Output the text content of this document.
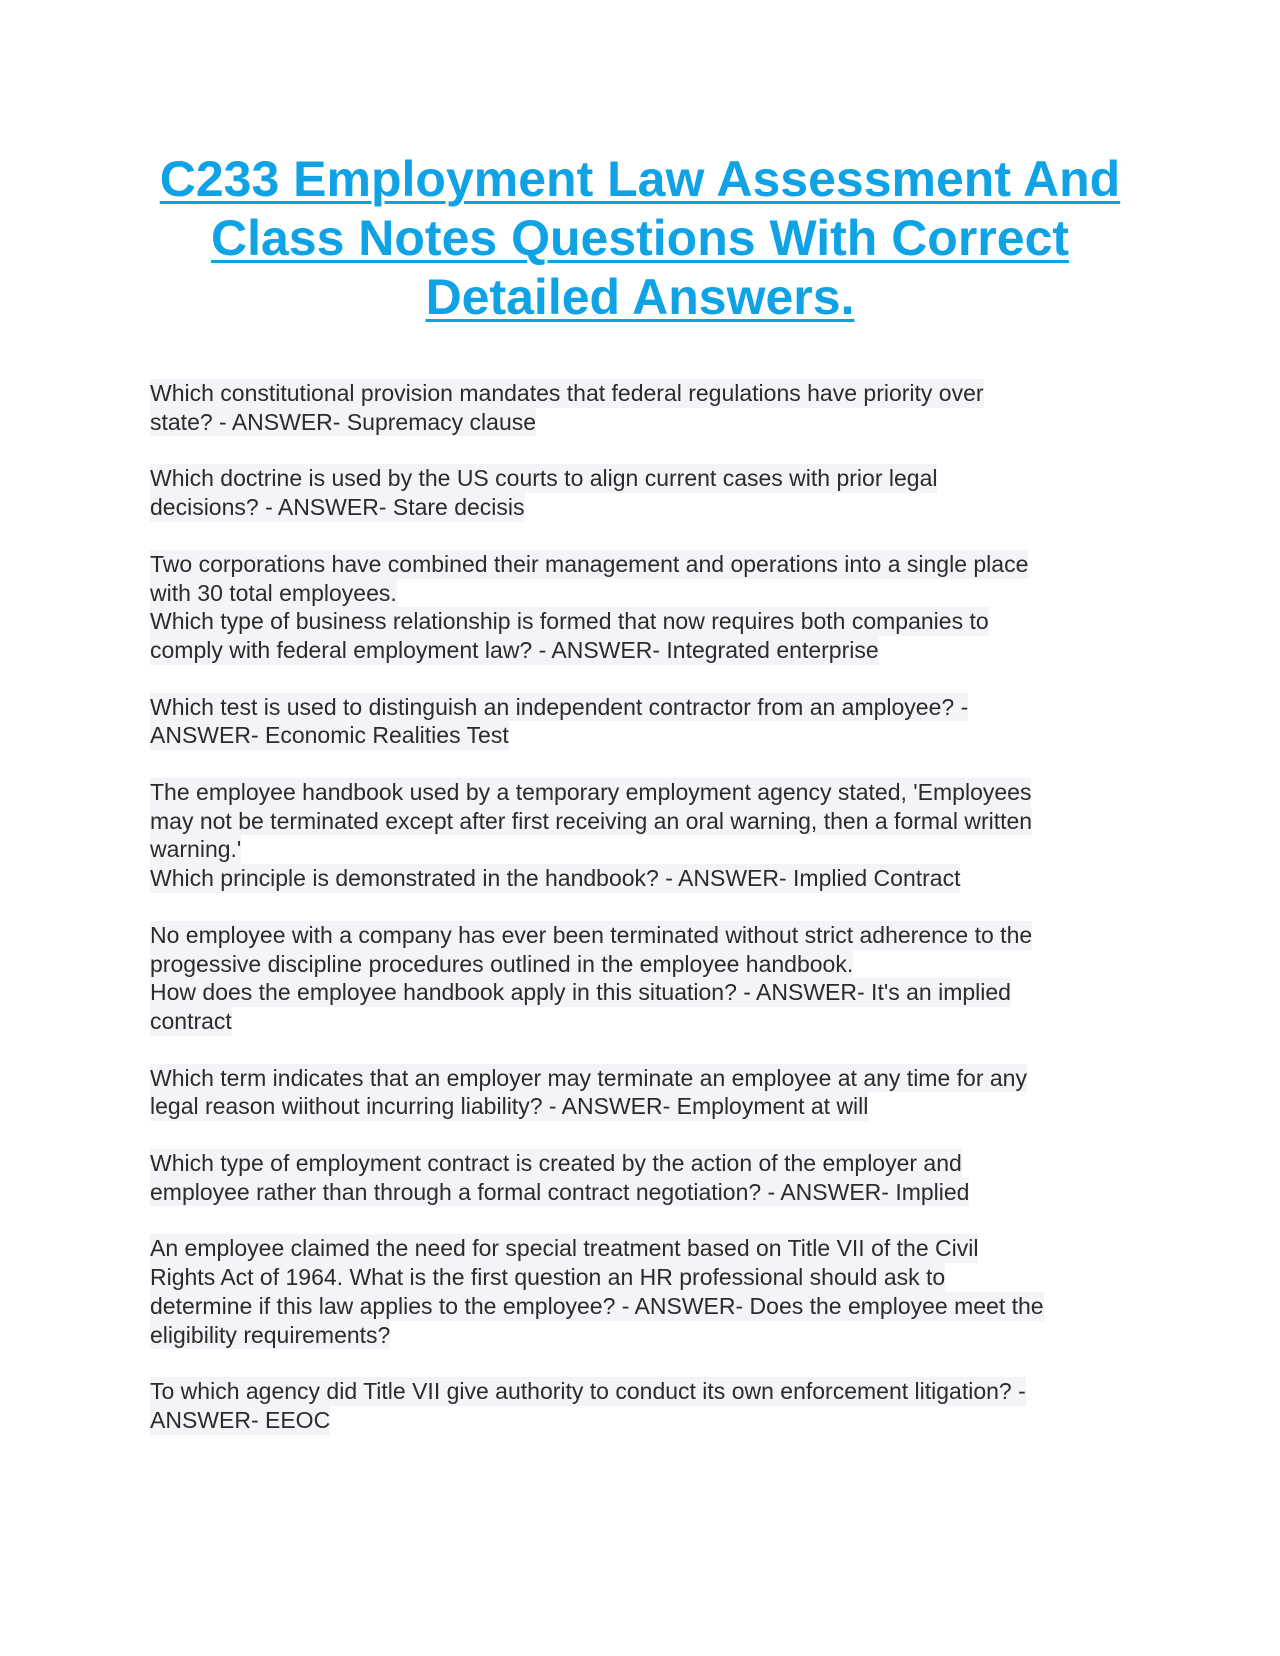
C233 Employment Law Assessment And
Class Notes Questions With Correct
Detailed Answers.
Which constitutional provision mandates that federal regulations have priority over
state? - ANSWER- Supremacy clause
Which doctrine is used by the US courts to align current cases with prior legal
decisions? - ANSWER- Stare decisis
Two corporations have combined their management and operations into a single place
with 30 total employees.
Which type of business relationship is formed that now requires both companies to
comply with federal employment law? - ANSWER- Integrated enterprise
Which test is used to distinguish an independent contractor from an amployee? -
ANSWER- Economic Realities Test
The employee handbook used by a temporary employment agency stated, 'Employees
may not be terminated except after first receiving an oral warning, then a formal written
warning.'
Which principle is demonstrated in the handbook? - ANSWER- Implied Contract
No employee with a company has ever been terminated without strict adherence to the
progessive discipline procedures outlined in the employee handbook.
How does the employee handbook apply in this situation? - ANSWER- It's an implied
contract
Which term indicates that an employer may terminate an employee at any time for any
legal reason wiithout incurring liability? - ANSWER- Employment at will
Which type of employment contract is created by the action of the employer and
employee rather than through a formal contract negotiation? - ANSWER- Implied
An employee claimed the need for special treatment based on Title VII of the Civil
Rights Act of 1964. What is the first question an HR professional should ask to
determine if this law applies to the employee? - ANSWER- Does the employee meet the
eligibility requirements?
To which agency did Title VII give authority to conduct its own enforcement litigation? -
ANSWER- EEOC
